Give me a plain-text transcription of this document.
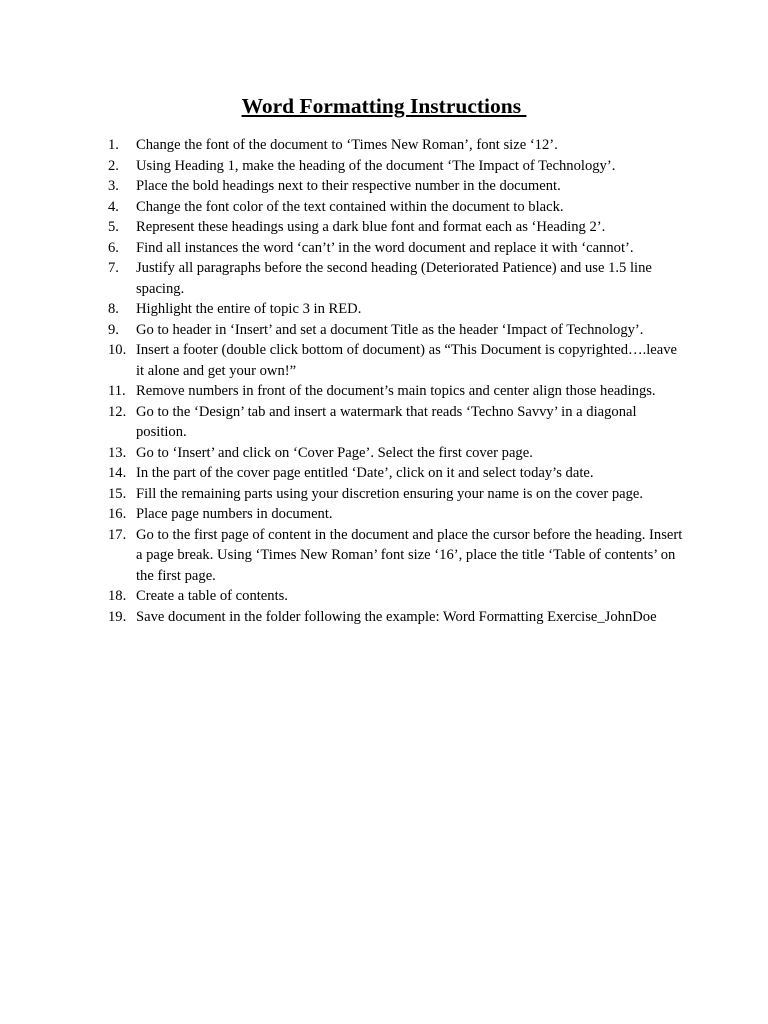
Word Formatting Instructions
1.	Change the font of the document to ‘Times New Roman’, font size ‘12’.
2.	Using Heading 1, make the heading of the document ‘The Impact of Technology’.
3.	Place the bold headings next to their respective number in the document.
4.	Change the font color of the text contained within the document to black.
5.	Represent these headings using a dark blue font and format each as ‘Heading 2’.
6.	Find all instances the word ‘can’t’ in the word document and replace it with ‘cannot’.
7.	Justify all paragraphs before the second heading (Deteriorated Patience) and use 1.5 line spacing.
8.	Highlight the entire of topic 3 in RED.
9.	Go to header in ‘Insert’ and set a document Title as the header ‘Impact of Technology’.
10. Insert a footer (double click bottom of document) as “This Document is copyrighted….leave it alone and get your own!”
11. Remove numbers in front of the document’s main topics and center align those headings.
12. Go to the ‘Design’ tab and insert a watermark that reads ‘Techno Savvy’ in a diagonal position.
13. Go to ‘Insert’ and click on ‘Cover Page’. Select the first cover page.
14. In the part of the cover page entitled ‘Date’, click on it and select today’s date.
15. Fill the remaining parts using your discretion ensuring your name is on the cover page.
16. Place page numbers in document.
17. Go to the first page of content in the document and place the cursor before the heading. Insert a page break. Using ‘Times New Roman’ font size ‘16’, place the title ‘Table of contents’ on the first page.
18. Create a table of contents.
19. Save document in the folder following the example: Word Formatting Exercise_JohnDoe
